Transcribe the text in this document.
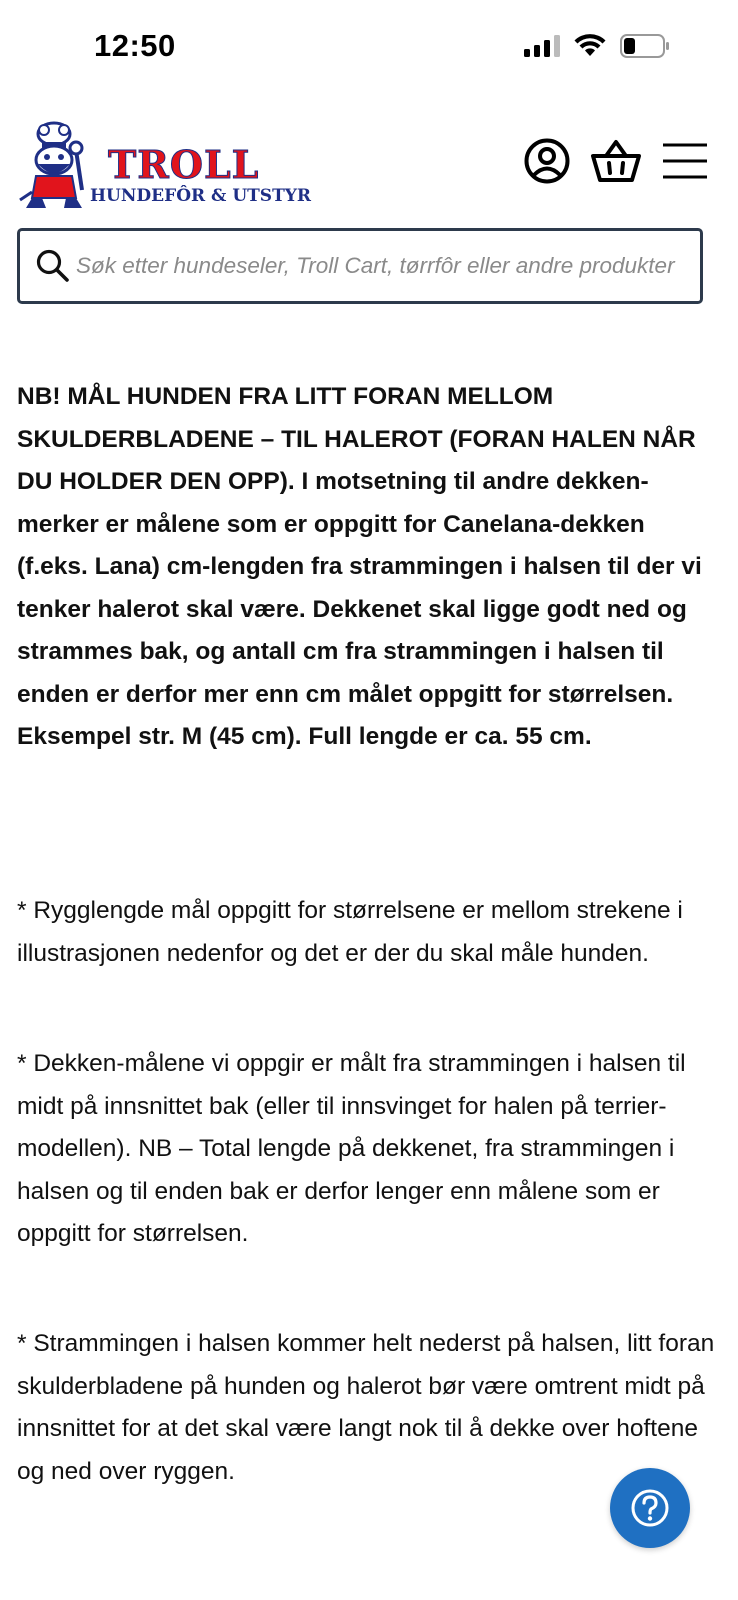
12:50
TROLL
HUNDEFÔR & UTSTYR
Søk etter hundeseler, Troll Cart, tørrfôr eller andre produkter

NB! MÅL HUNDEN FRA LITT FORAN MELLOM SKULDERBLADENE – TIL HALEROT (FORAN HALEN NÅR DU HOLDER DEN OPP). I motsetning til andre dekken-merker er målene som er oppgitt for Canelana-dekken (f.eks. Lana) cm-lengden fra strammingen i halsen til der vi tenker halerot skal være. Dekkenet skal ligge godt ned og strammes bak, og antall cm fra strammingen i halsen til enden er derfor mer enn cm målet oppgitt for størrelsen. Eksempel str. M (45 cm). Full lengde er ca. 55 cm.

* Rygglengde mål oppgitt for størrelsene er mellom strekene i illustrasjonen nedenfor og det er der du skal måle hunden.

* Dekken-målene vi oppgir er målt fra strammingen i halsen til midt på innsnittet bak (eller til innsvinget for halen på terrier-modellen). NB – Total lengde på dekkenet, fra strammingen i halsen og til enden bak er derfor lenger enn målene som er oppgitt for størrelsen.

* Strammingen i halsen kommer helt nederst på halsen, litt foran skulderbladene på hunden og halerot bør være omtrent midt på innsnittet for at det skal være langt nok til å dekke over hoftene og ned over ryggen.
